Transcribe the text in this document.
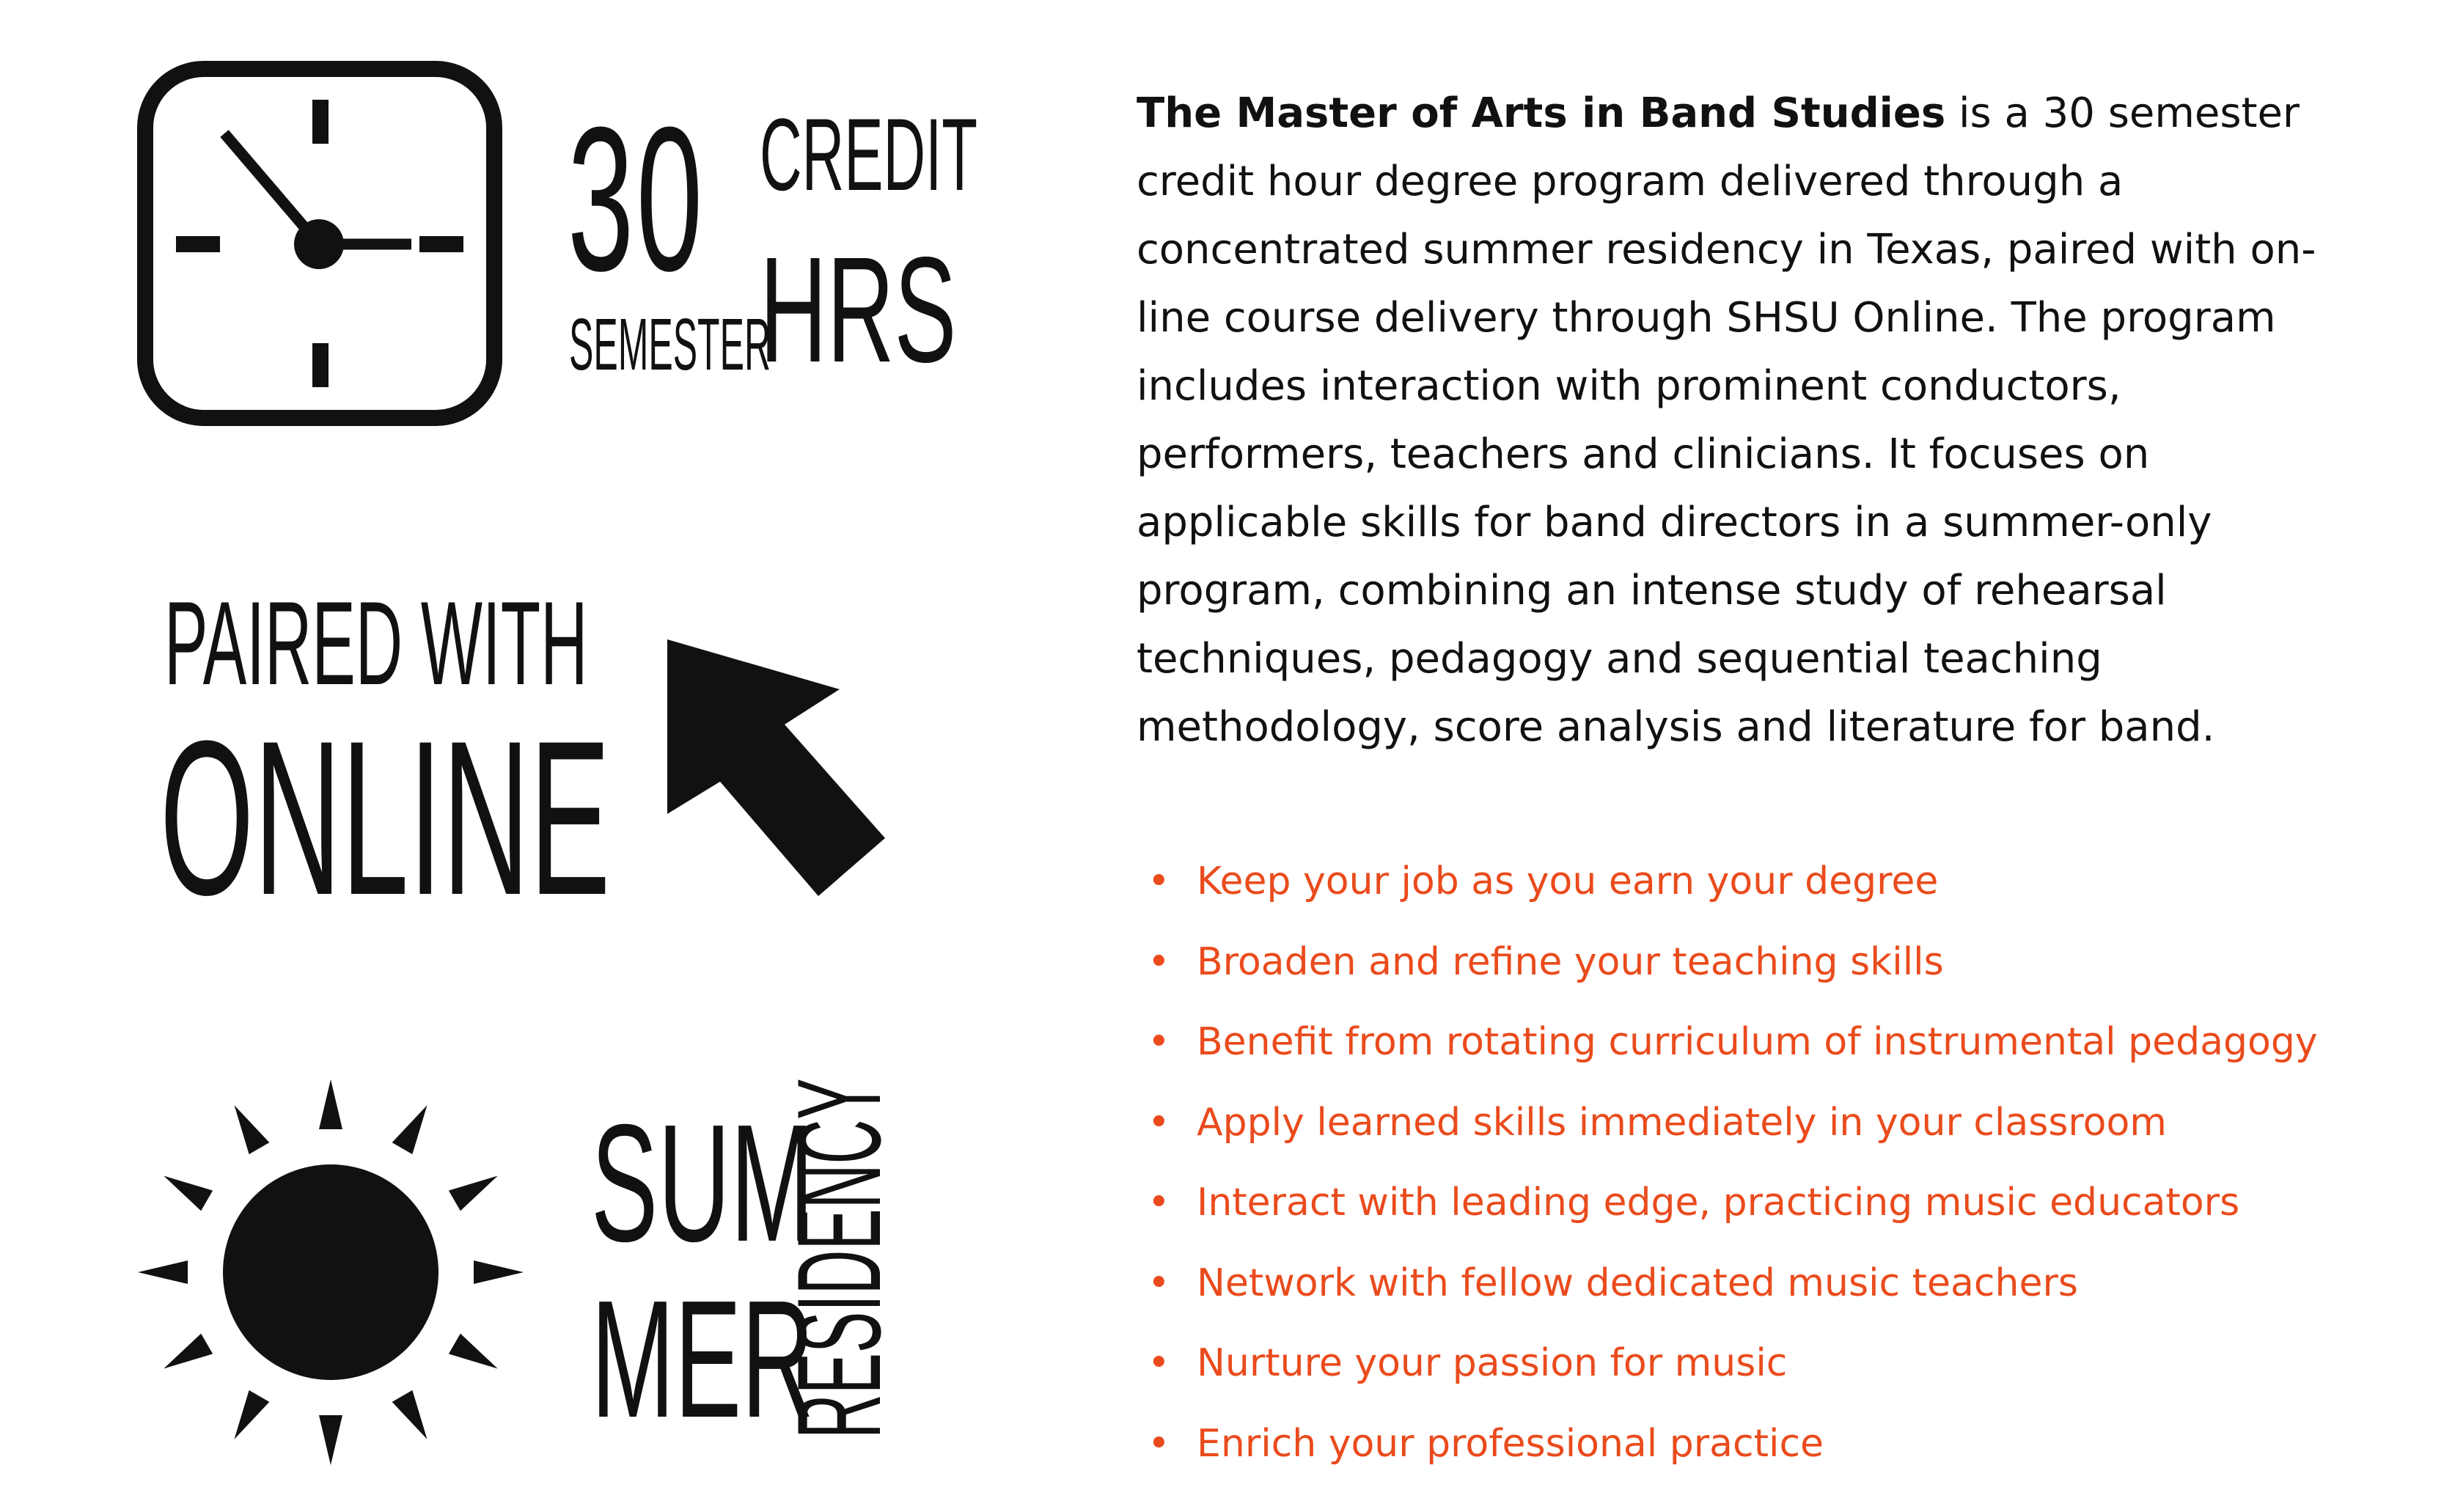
30 CREDIT
SEMESTER
HRS
PAIRED WITH
ONLINE
SUM
MER
RESIDENCY

The Master of Arts in Band Studies is a 30 semester credit hour degree program delivered through a concentrated summer residency in Texas, paired with on-line course delivery through SHSU Online. The program includes interaction with prominent conductors, performers, teachers and clinicians. It focuses on applicable skills for band directors in a summer-only program, combining an intense study of rehearsal techniques, pedagogy and sequential teaching methodology, score analysis and literature for band.

• Keep your job as you earn your degree
• Broaden and refine your teaching skills
• Benefit from rotating curriculum of instrumental pedagogy
• Apply learned skills immediately in your classroom
• Interact with leading edge, practicing music educators
• Network with fellow dedicated music teachers
• Nurture your passion for music
• Enrich your professional practice
